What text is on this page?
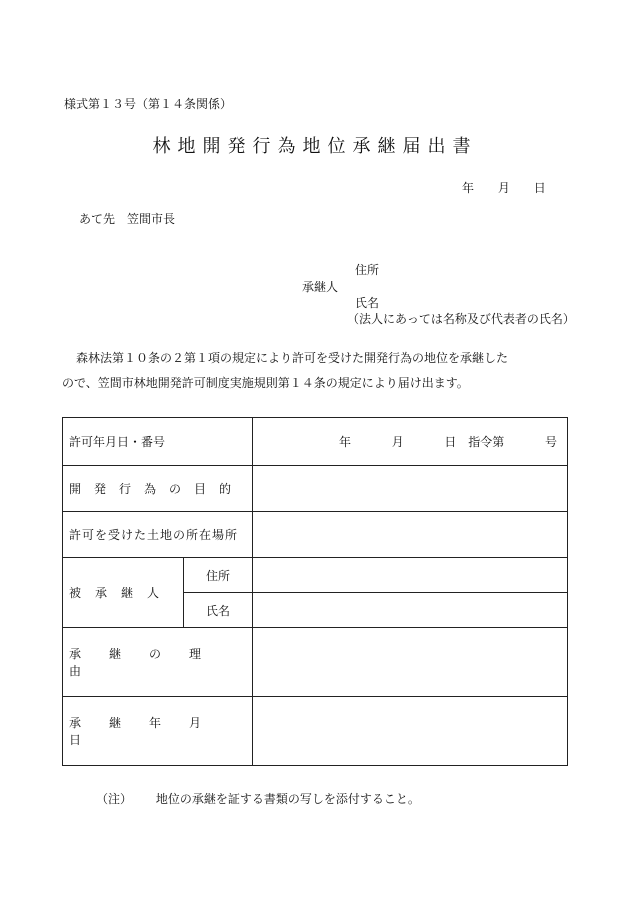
様式第１３号（第１４条関係）
林地開発行為地位承継届出書
年 月 日
あて先　笠間市長
住所
承継人
氏名
（法人にあっては名称及び代表者の氏名）

森林法第１０条の２第１項の規定により許可を受けた開発行為の地位を承継した

ので、笠間市林地開発許可制度実施規則第１４条の規定により届け出ます。

許可年月日・番号		年 月 日 指令第 号

開発行為の目的		
許可を受けた土地の所在場所		
被承継人	住所	
	氏名	
承継の理由		
承継年月日		
（注） 地位の承継を証する書類の写しを添付すること。
